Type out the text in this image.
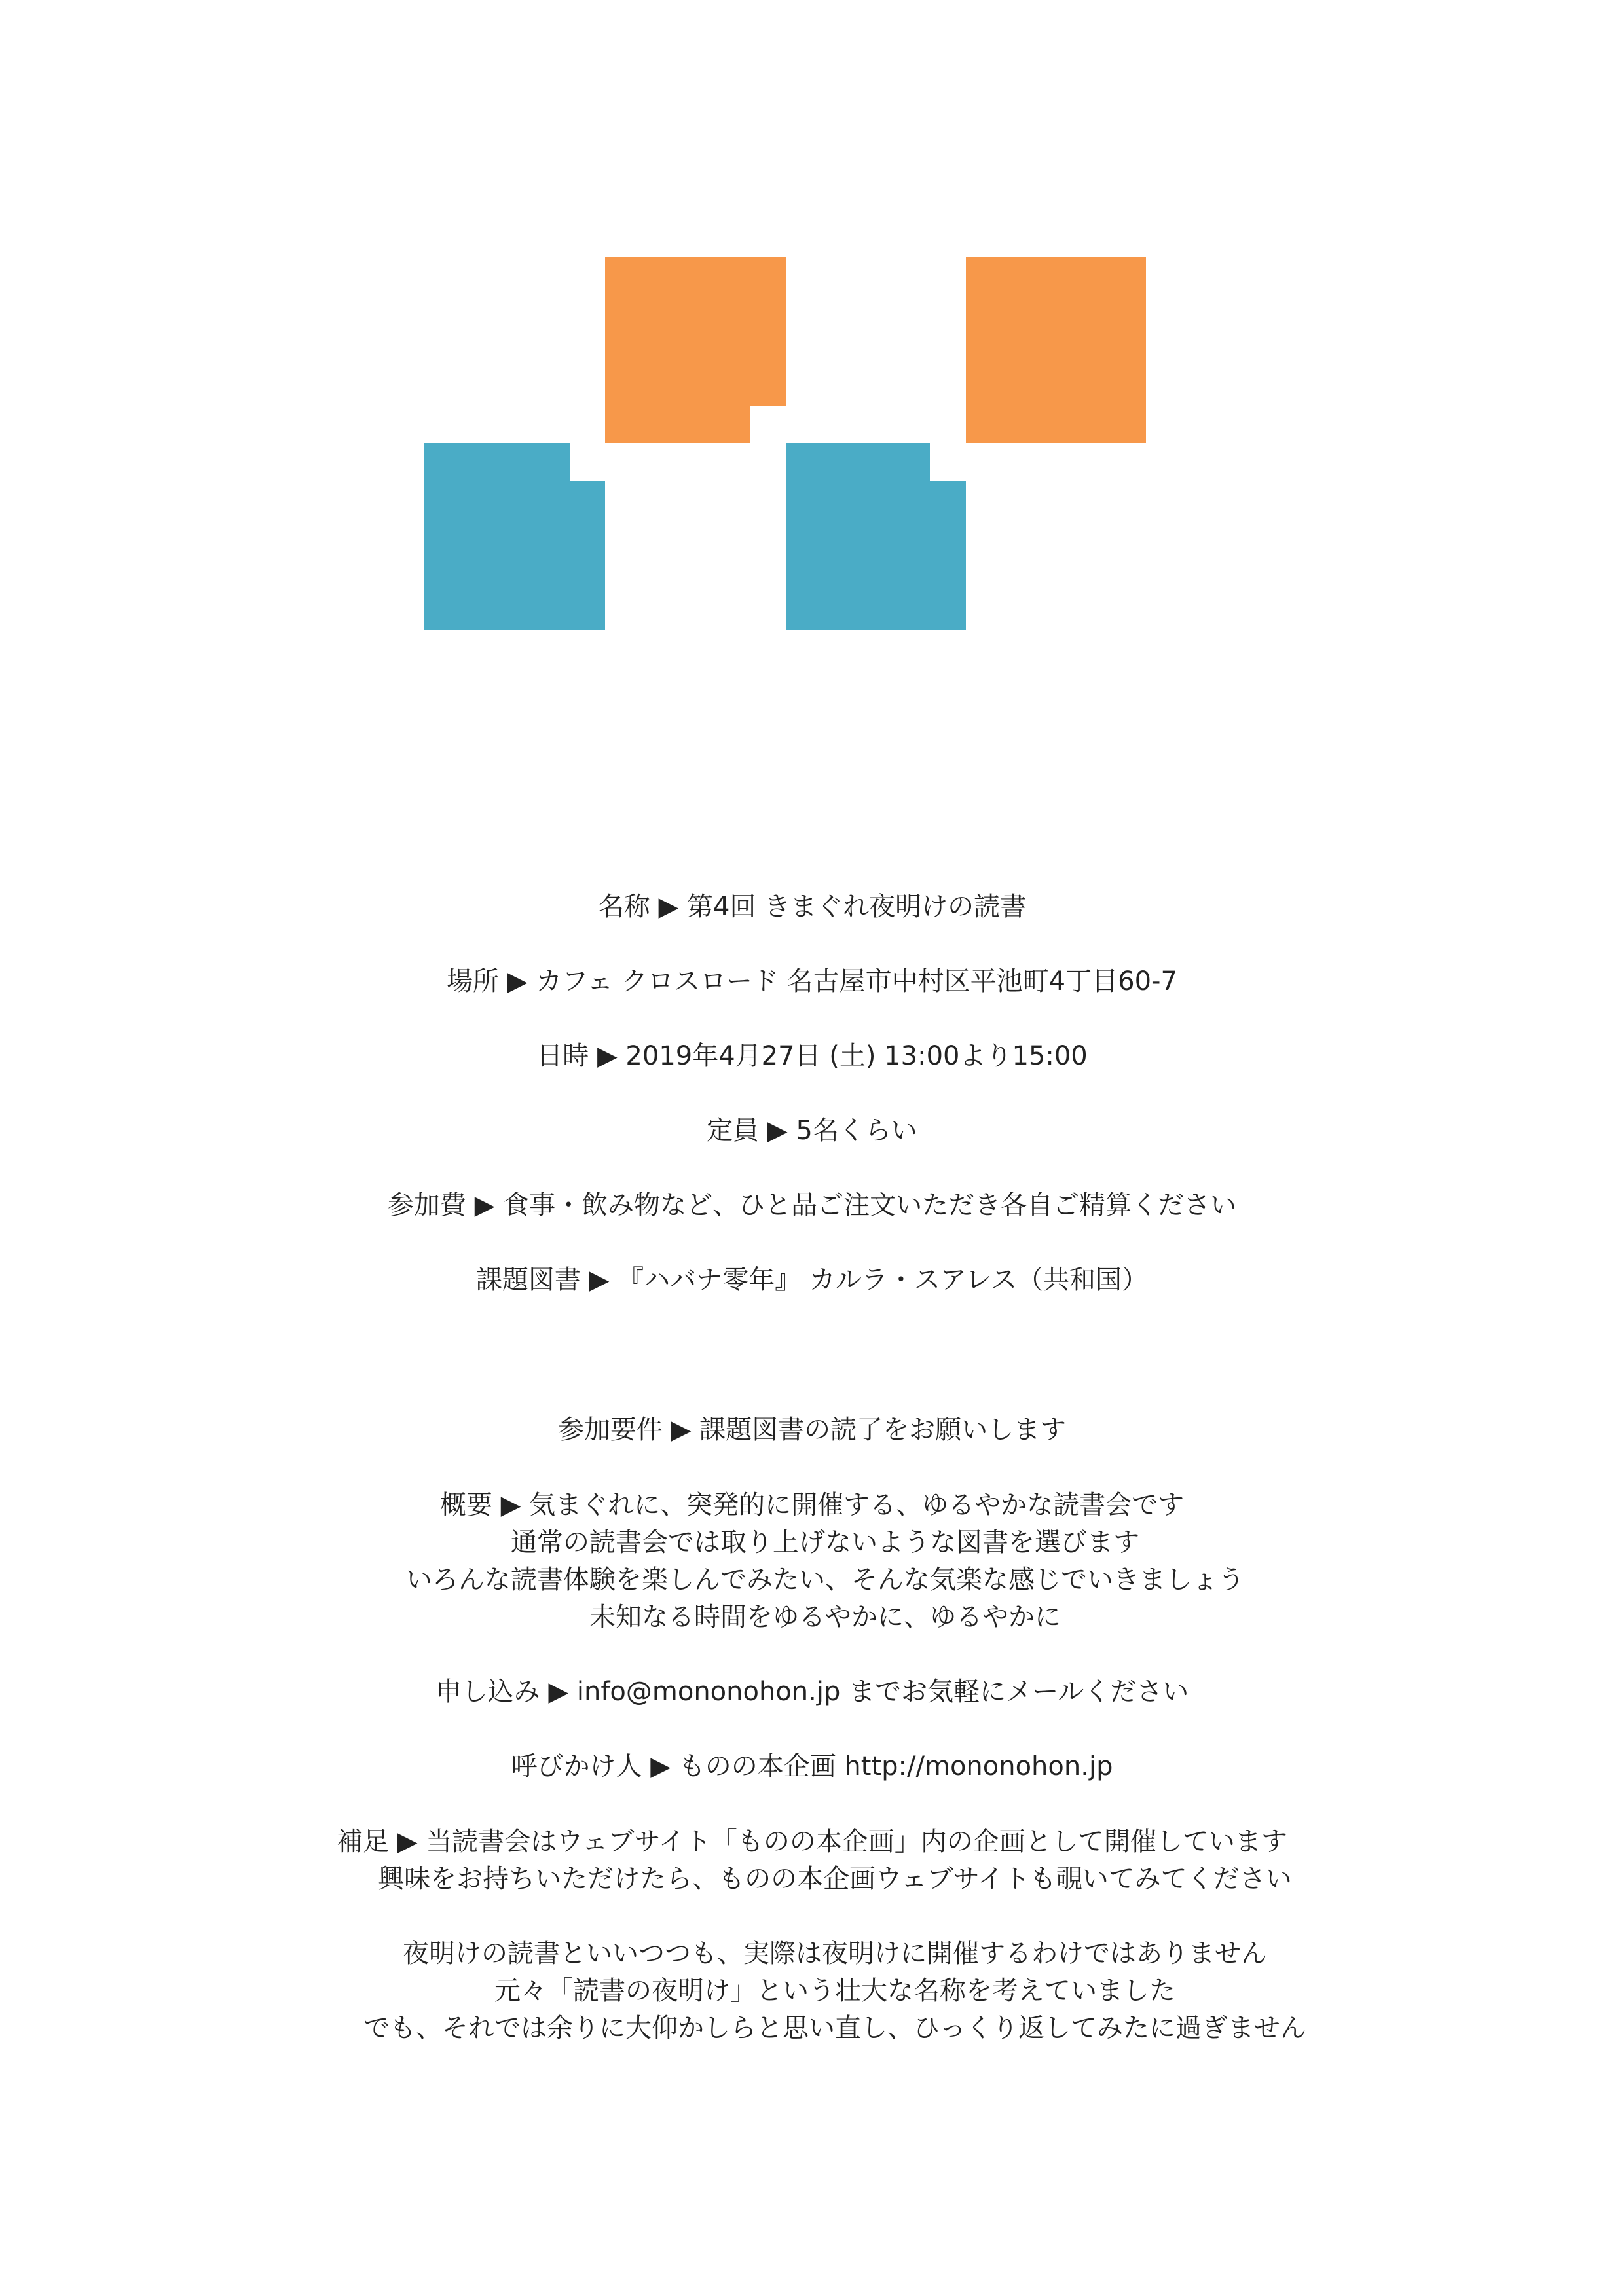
名称 ▶ 第4回 きまぐれ夜明けの読書
場所 ▶ カフェ クロスロード 名古屋市中村区平池町4丁目60-7
日時 ▶ 2019年4月27日 (土) 13:00より15:00
定員 ▶ 5名くらい
参加費 ▶ 食事・飲み物など、ひと品ご注文いただき各自ご精算ください
課題図書 ▶ 『ハバナ零年』 カルラ・スアレス（共和国）
参加要件 ▶ 課題図書の読了をお願いします
概要 ▶ 気まぐれに、突発的に開催する、ゆるやかな読書会です
通常の読書会では取り上げないような図書を選びます
いろんな読書体験を楽しんでみたい、そんな気楽な感じでいきましょう
未知なる時間をゆるやかに、ゆるやかに
申し込み ▶ info@mononohon.jp までお気軽にメールください
呼びかけ人 ▶ ものの本企画 http://mononohon.jp
補足 ▶ 当読書会はウェブサイト「ものの本企画」内の企画として開催しています
興味をお持ちいただけたら、ものの本企画ウェブサイトも覗いてみてください
夜明けの読書といいつつも、実際は夜明けに開催するわけではありません
元々「読書の夜明け」という壮大な名称を考えていました
でも、それでは余りに大仰かしらと思い直し、ひっくり返してみたに過ぎません
